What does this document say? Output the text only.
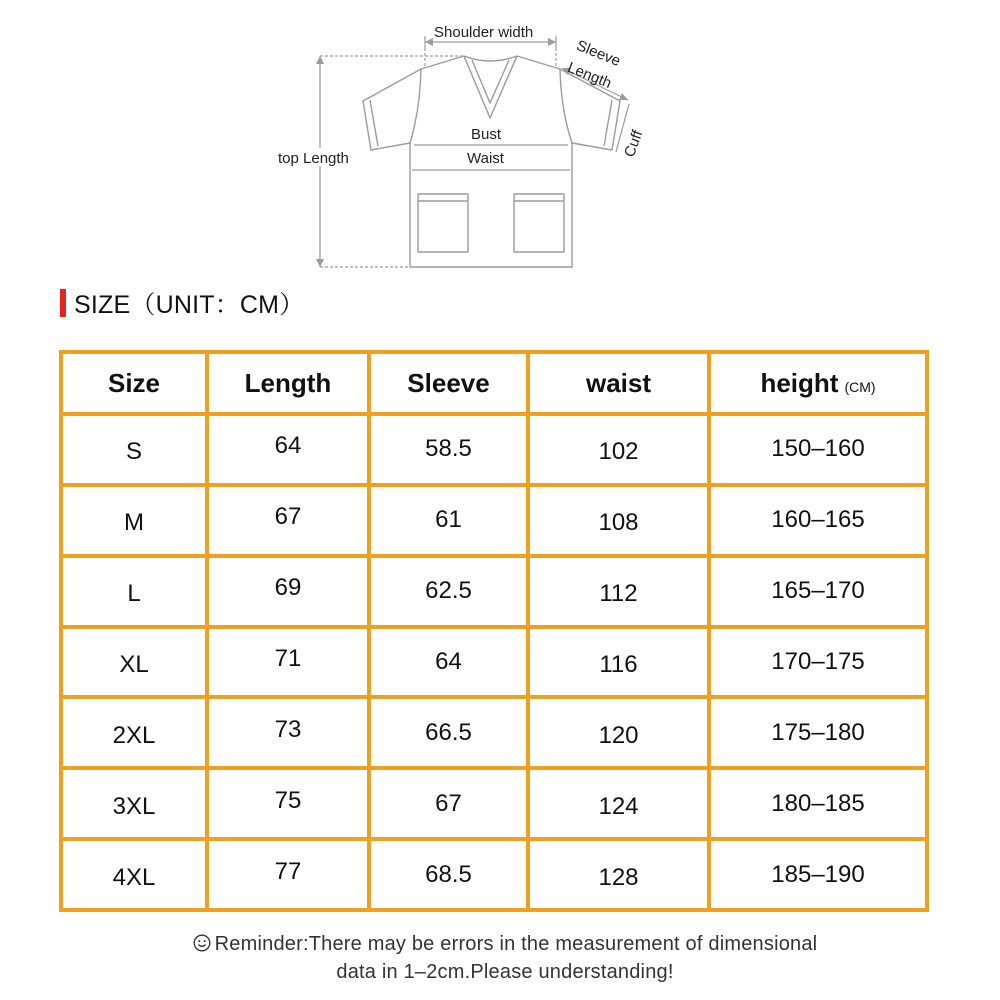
Shoulder width
Sleeve
Length
Cuff
Bust
Waist
top Length
SIZE（UNIT：CM）
Size	Length	Sleeve	waist	height (CM)
S	64	58.5	102	150–160
M	67	61	108	160–165
L	69	62.5	112	165–170
XL	71	64	116	170–175
2XL	73	66.5	120	175–180
3XL	75	67	124	180–185
4XL	77	68.5	128	185–190
Reminder:There may be errors in the measurement of dimensional
data in 1–2cm.Please understanding!
